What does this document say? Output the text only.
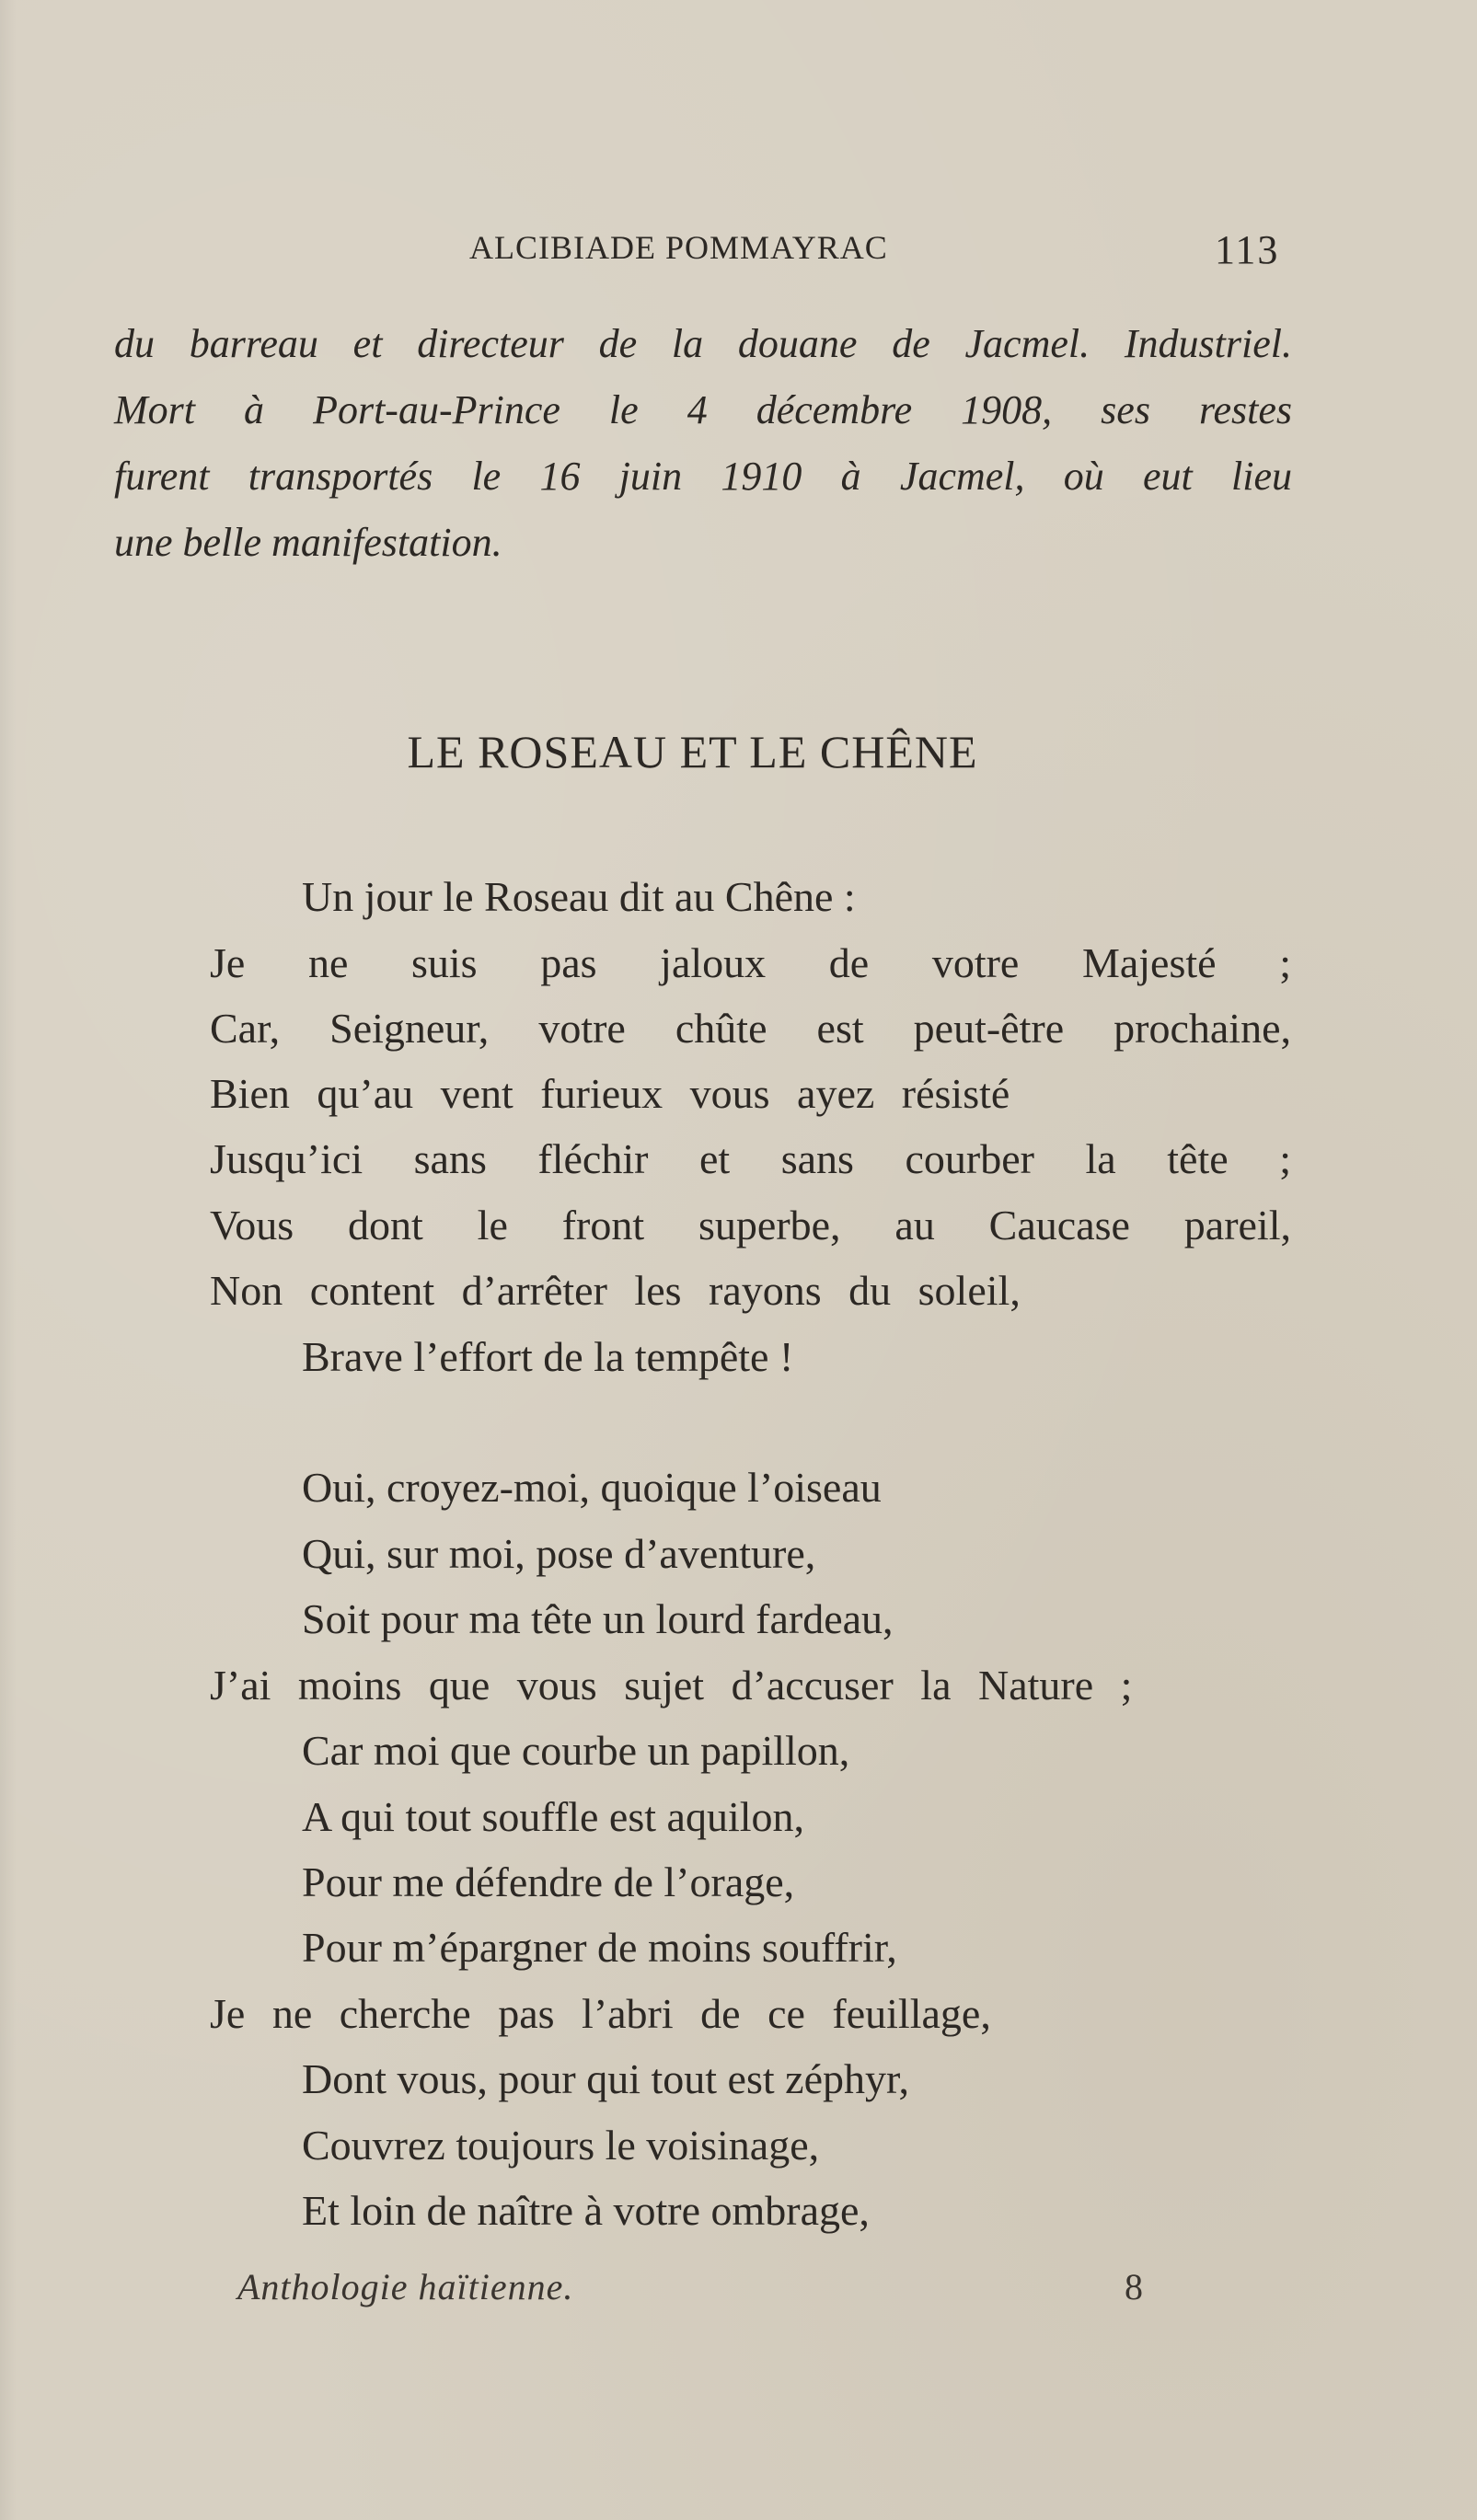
ALCIBIADE POMMAYRAC	113
du barreau et directeur de la douane de Jacmel. Industriel.
Mort à Port-au-Prince le 4 décembre 1908, ses restes
furent transportés le 16 juin 1910 à Jacmel, où eut lieu
une belle manifestation.
LE ROSEAU ET LE CHÊNE
Un jour le Roseau dit au Chêne :
Je ne suis pas jaloux de votre Majesté ;
Car, Seigneur, votre chûte est peut-être prochaine,
Bien qu’au vent furieux vous ayez résisté
Jusqu’ici sans fléchir et sans courber la tête ;
Vous dont le front superbe, au Caucase pareil,
Non content d’arrêter les rayons du soleil,
Brave l’effort de la tempête !
Oui, croyez-moi, quoique l’oiseau
Qui, sur moi, pose d’aventure,
Soit pour ma tête un lourd fardeau,
J’ai moins que vous sujet d’accuser la Nature ;
Car moi que courbe un papillon,
A qui tout souffle est aquilon,
Pour me défendre de l’orage,
Pour m’épargner de moins souffrir,
Je ne cherche pas l’abri de ce feuillage,
Dont vous, pour qui tout est zéphyr,
Couvrez toujours le voisinage,
Et loin de naître à votre ombrage,
Anthologie haïtienne.	8
